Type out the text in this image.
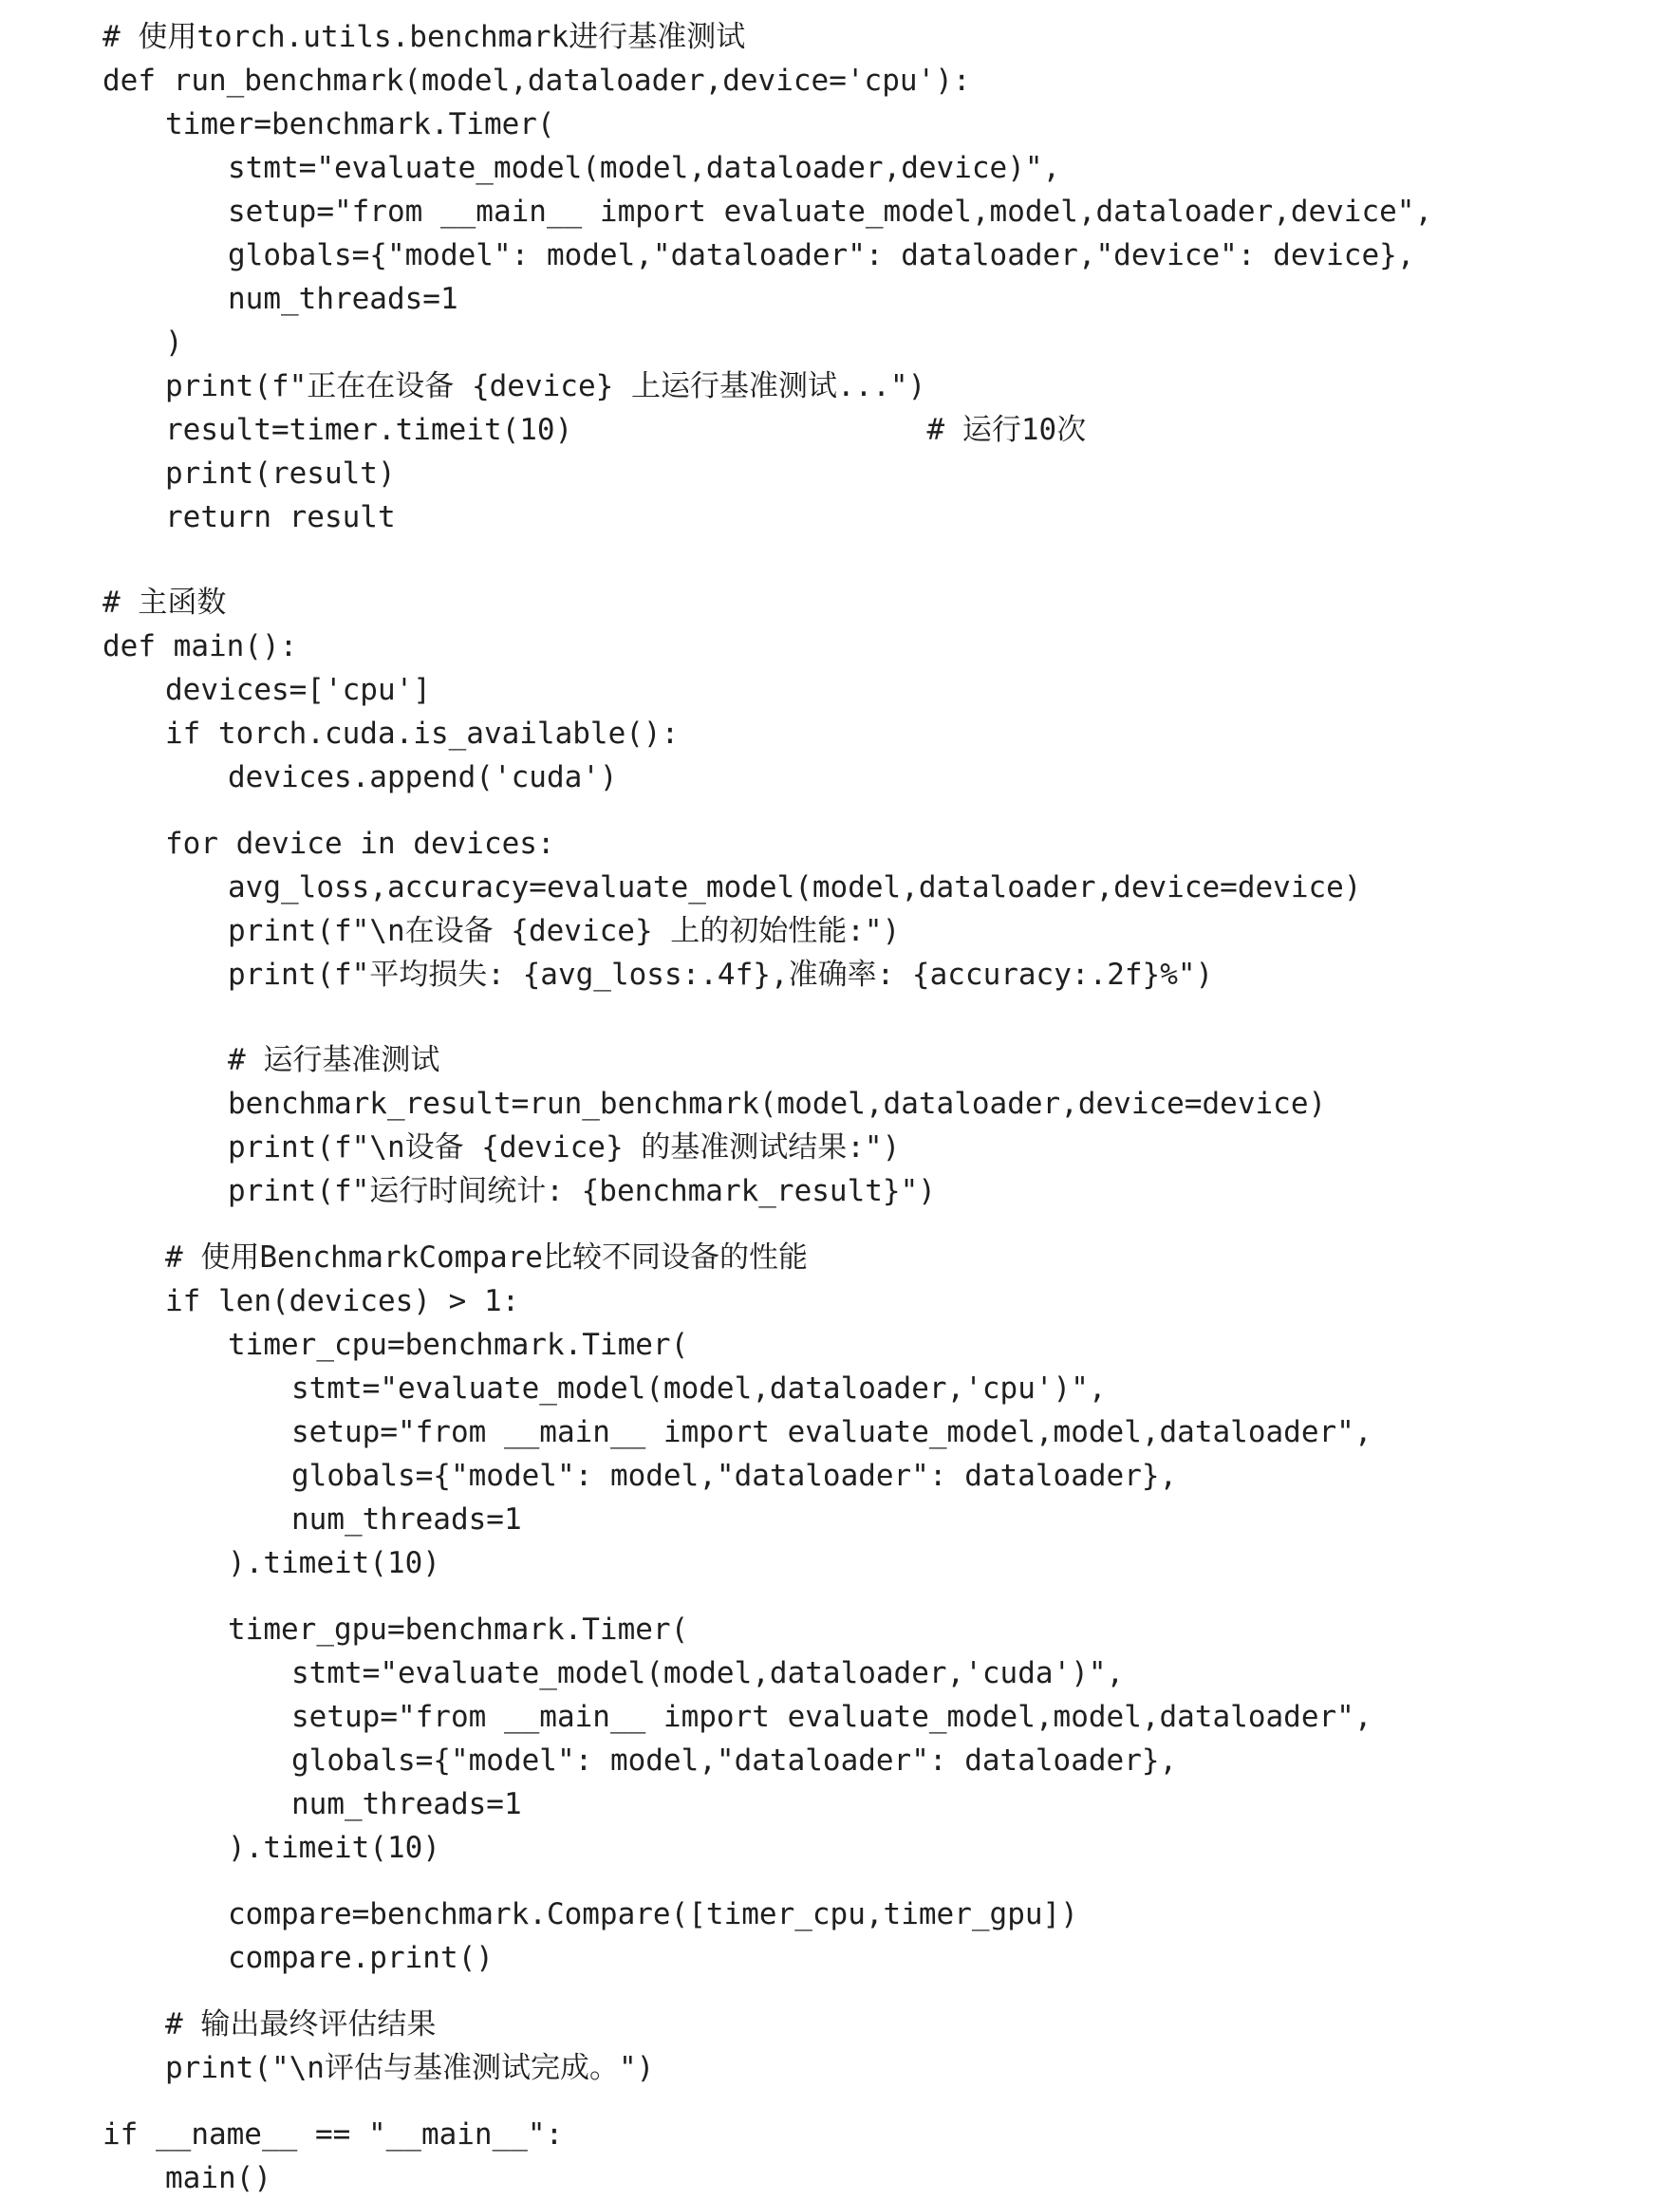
# 使用torch.utils.benchmark进行基准测试
def run_benchmark(model,dataloader,device='cpu'):
timer=benchmark.Timer(
stmt="evaluate_model(model,dataloader,device)",
setup="from __main__ import evaluate_model,model,dataloader,device",
globals={"model": model,"dataloader": dataloader,"device": device},
num_threads=1
)
print(f"正在在设备 {device} 上运行基准测试...")
result=timer.timeit(10)                    # 运行10次
print(result)
return result
# 主函数
def main():
devices=['cpu']
if torch.cuda.is_available():
devices.append('cuda')
for device in devices:
avg_loss,accuracy=evaluate_model(model,dataloader,device=device)
print(f"\n在设备 {device} 上的初始性能:")
print(f"平均损失: {avg_loss:.4f},准确率: {accuracy:.2f}%")
# 运行基准测试
benchmark_result=run_benchmark(model,dataloader,device=device)
print(f"\n设备 {device} 的基准测试结果:")
print(f"运行时间统计: {benchmark_result}")
# 使用BenchmarkCompare比较不同设备的性能
if len(devices) > 1:
timer_cpu=benchmark.Timer(
stmt="evaluate_model(model,dataloader,'cpu')",
setup="from __main__ import evaluate_model,model,dataloader",
globals={"model": model,"dataloader": dataloader},
num_threads=1
).timeit(10)
timer_gpu=benchmark.Timer(
stmt="evaluate_model(model,dataloader,'cuda')",
setup="from __main__ import evaluate_model,model,dataloader",
globals={"model": model,"dataloader": dataloader},
num_threads=1
).timeit(10)
compare=benchmark.Compare([timer_cpu,timer_gpu])
compare.print()
# 输出最终评估结果
print("\n评估与基准测试完成。")
if __name__ == "__main__":
main()
